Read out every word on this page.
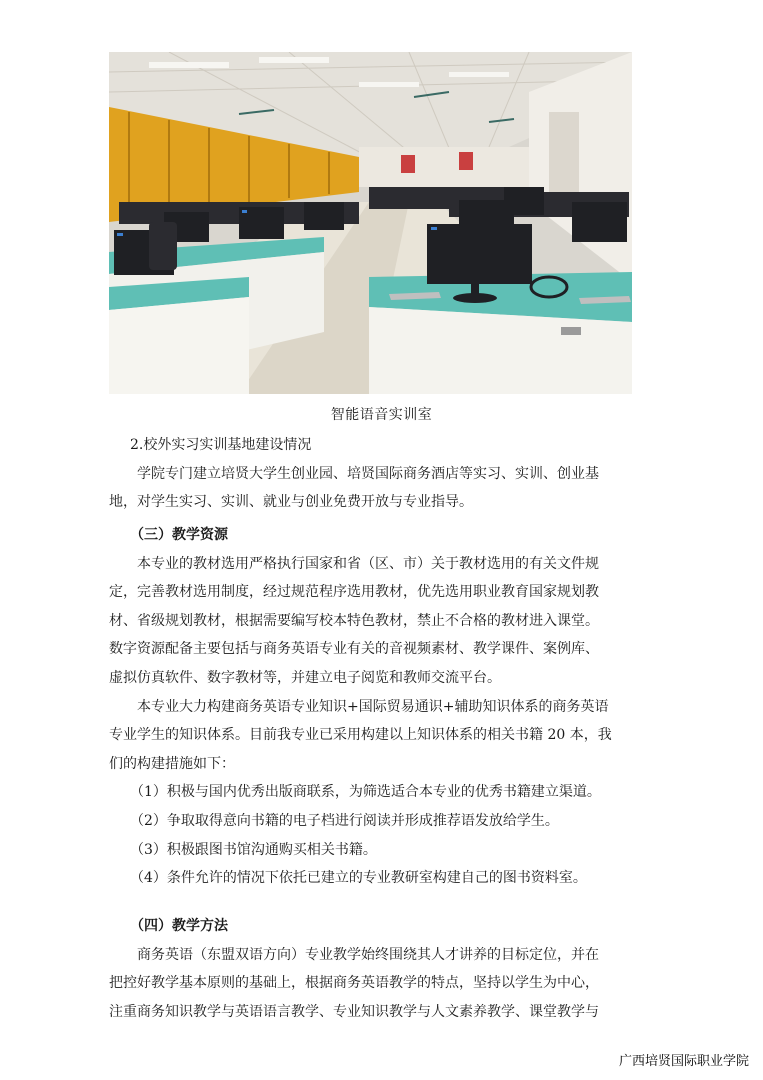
智能语音实训室

2.校外实习实训基地建设情况

学院专门建立培贤大学生创业园、培贤国际商务酒店等实习、实训、创业基
地，对学生实习、实训、就业与创业免费开放与专业指导。

（三）教学资源

本专业的教材选用严格执行国家和省（区、市）关于教材选用的有关文件规
定，完善教材选用制度，经过规范程序选用教材，优先选用职业教育国家规划教
材、省级规划教材，根据需要编写校本特色教材，禁止不合格的教材进入课堂。
数字资源配备主要包括与商务英语专业有关的音视频素材、教学课件、案例库、
虚拟仿真软件、数字教材等，并建立电子阅览和教师交流平台。

本专业大力构建商务英语专业知识+国际贸易通识+辅助知识体系的商务英语
专业学生的知识体系。目前我专业已采用构建以上知识体系的相关书籍 20 本，我
们的构建措施如下：

（1）积极与国内优秀出版商联系，为筛选适合本专业的优秀书籍建立渠道。
（2）争取取得意向书籍的电子档进行阅读并形成推荐语发放给学生。
（3）积极跟图书馆沟通购买相关书籍。
（4）条件允许的情况下依托已建立的专业教研室构建自己的图书资料室。

（四）教学方法

商务英语（东盟双语方向）专业教学始终围绕其人才讲养的目标定位，并在
把控好教学基本原则的基础上，根据商务英语教学的特点，坚持以学生为中心，
注重商务知识教学与英语语言教学、专业知识教学与人文素养教学、课堂教学与

广西培贤国际职业学院
